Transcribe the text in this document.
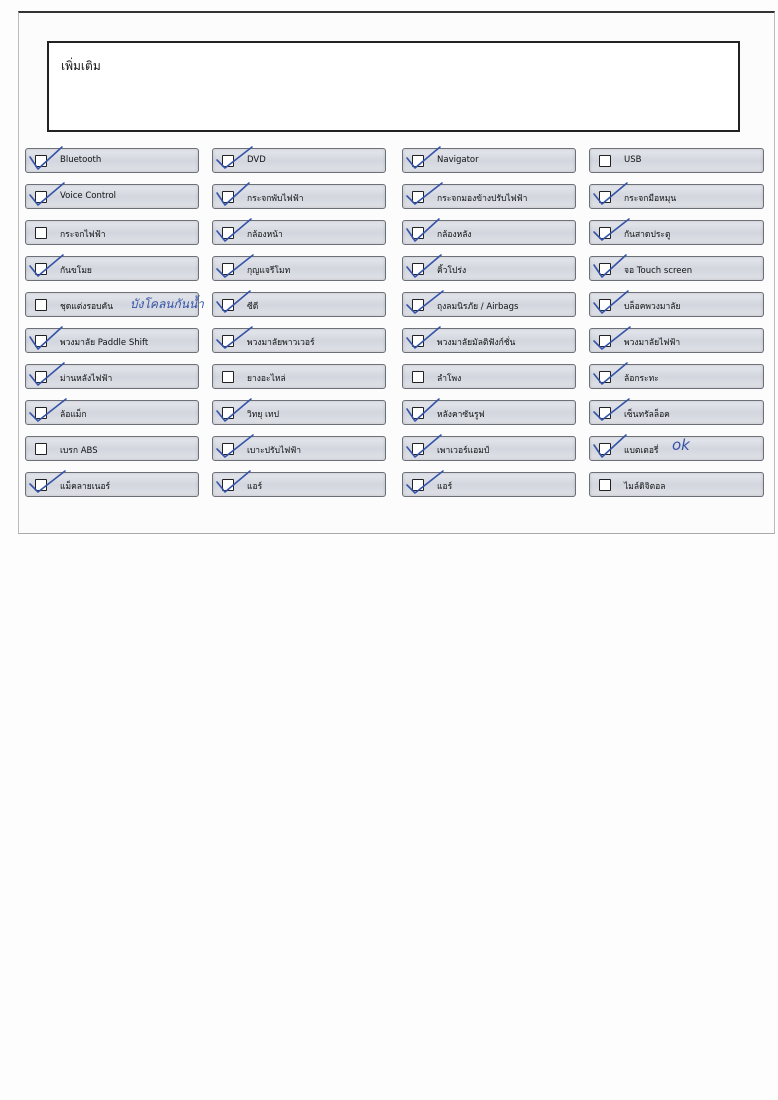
เพิ่มเติม
Bluetooth	DVD	Navigator	USB
Voice Control	กระจกพับไฟฟ้า	กระจกมองข้างปรับไฟฟ้า	กระจกมือหมุน
กระจกไฟฟ้า	กล้องหน้า	กล้องหลัง	กันสาดประตู
กันขโมย	กุญแจรีโมท	คิ้วโปร่ง	จอ Touch screen
ชุดแต่งรอบคัน	ซีดี	ถุงลมนิรภัย / Airbags	บล็อคพวงมาลัย
พวงมาลัย Paddle Shift	พวงมาลัยพาวเวอร์	พวงมาลัยมัลติฟังก์ชั่น	พวงมาลัยไฟฟ้า
ม่านหลังไฟฟ้า	ยางอะไหล่	ลำโพง	ล้อกระทะ
ล้อแม็ก	วิทยุ เทป	หลังคาซันรูฟ	เซ็นทรัลล็อค
เบรก ABS	เบาะปรับไฟฟ้า	เพาเวอร์แอมป์	แบตเตอรี่
แม็คลายเนอร์	แอร์	แอร์	ไมล์ดิจิตอล
บังโคลนกันน้ำ
ok
